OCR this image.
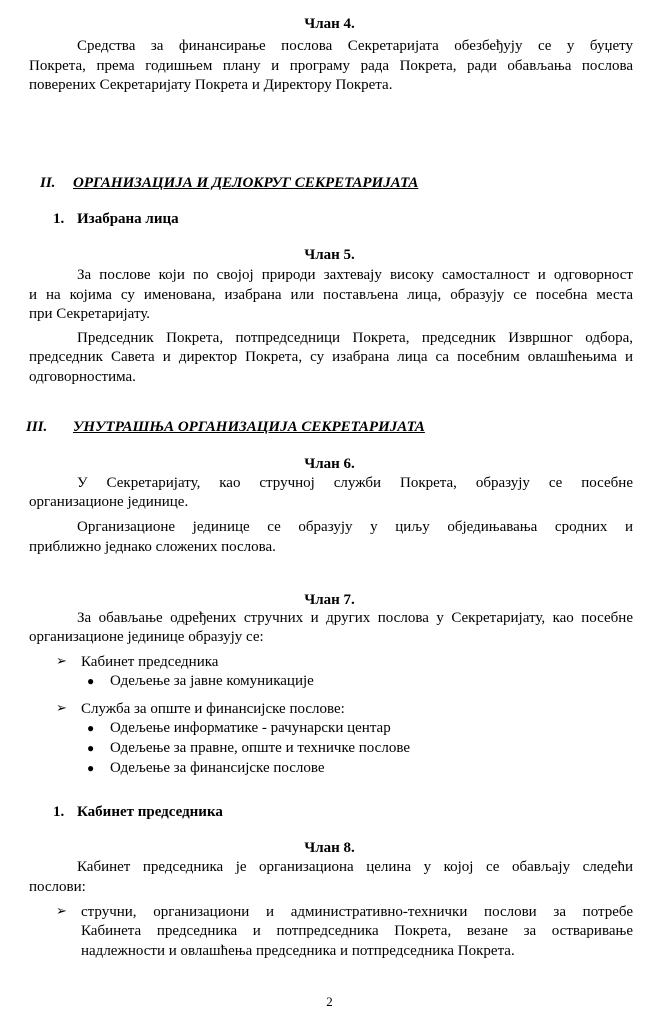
Члан 4.
Средства за финансирање послова Секретаријата обезбеђују се у буџету
Покрета, према годишњем плану и програму рада Покрета, ради обављања послова
поверених Секретаријату Покрета и Директору Покрета.
II. ОРГАНИЗАЦИЈА И ДЕЛОКРУГ СЕКРЕТАРИЈАТА
1. Изабрана лица
Члан 5.
За послове који по својој природи захтевају високу самосталност и одговорност
и на којима су именована, изабрана или постављена лица, образују се посебна места
при Секретаријату.
Председник Покрета, потпредседници Покрета, председник Извршног одбора,
председник Савета и директор Покрета, су изабрана лица са посебним овлашћењима и
одговорностима.
III. УНУТРАШЊА ОРГАНИЗАЦИЈА СЕКРЕТАРИЈАТА
Члан 6.
У Секретаријату, као стручној служби Покрета, образују се посебне
организационе јединице.
Организационе јединице се образују у циљу обједињавања сродних и
приближно једнако сложених послова.
Члан 7.
За обављање одређених стручних и других послова у Секретаријату, као посебне
организационе јединице образују се:
➢ Кабинет председника
● Одељење за јавне комуникације
➢ Служба за опште и финансијске послове:
● Одељење информатике - рачунарски центар
● Одељење за правне, опште и техничке послове
● Одељење за финансијске послове
1. Кабинет председника
Члан 8.
Кабинет председника је организациона целина у којој се обављају следећи
послови:
➢ стручни, организациони и административно-технички послови за потребе
Кабинета председника и потпредседника Покрета, везане за остваривање
надлежности и овлашћења председника и потпредседника Покрета.
2
